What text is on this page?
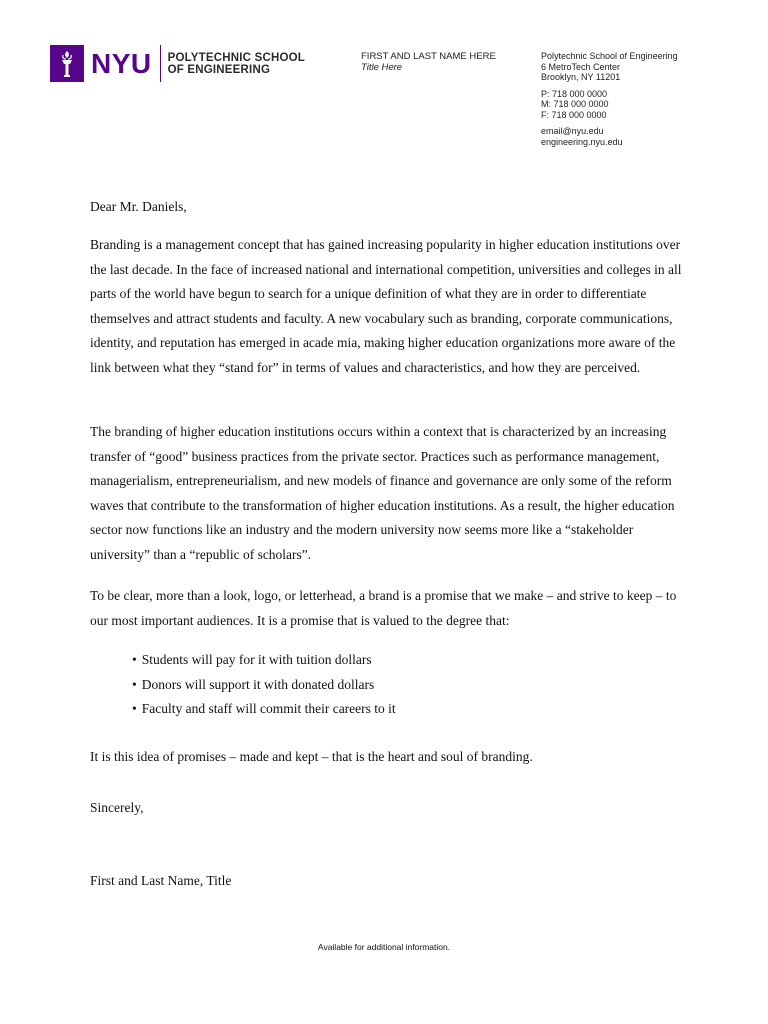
NYU POLYTECHNIC SCHOOL
OF ENGINEERING
FIRST AND LAST NAME HERE
Title Here
Polytechnic School of Engineering
6 MetroTech Center
Brooklyn, NY 11201
P: 718 000 0000
M: 718 000 0000
F: 718 000 0000
email@nyu.edu
engineering.nyu.edu
Dear Mr. Daniels,
Branding is a management concept that has gained increasing popularity in higher education institutions over the last decade. In the face of increased national and international competition, universities and colleges in all parts of the world have begun to search for a unique definition of what they are in order to differentiate themselves and attract students and faculty. A new vocabulary such as branding, corporate communications, identity, and reputation has emerged in acade mia, making higher education organizations more aware of the link between what they “stand for” in terms of values and characteristics, and how they are perceived.
The branding of higher education institutions occurs within a context that is characterized by an increasing transfer of “good” business practices from the private sector. Practices such as performance management, managerialism, entrepreneurialism, and new models of finance and governance are only some of the reform waves that contribute to the transformation of higher education institutions. As a result, the higher education sector now functions like an industry and the modern university now seems more like a “stakeholder university” than a “republic of scholars”.
To be clear, more than a look, logo, or letterhead, a brand is a promise that we make – and strive to keep – to our most important audiences. It is a promise that is valued to the degree that:
• Students will pay for it with tuition dollars
• Donors will support it with donated dollars
• Faculty and staff will commit their careers to it
It is this idea of promises – made and kept – that is the heart and soul of branding.
Sincerely,
First and Last Name, Title
Available for additional information.
